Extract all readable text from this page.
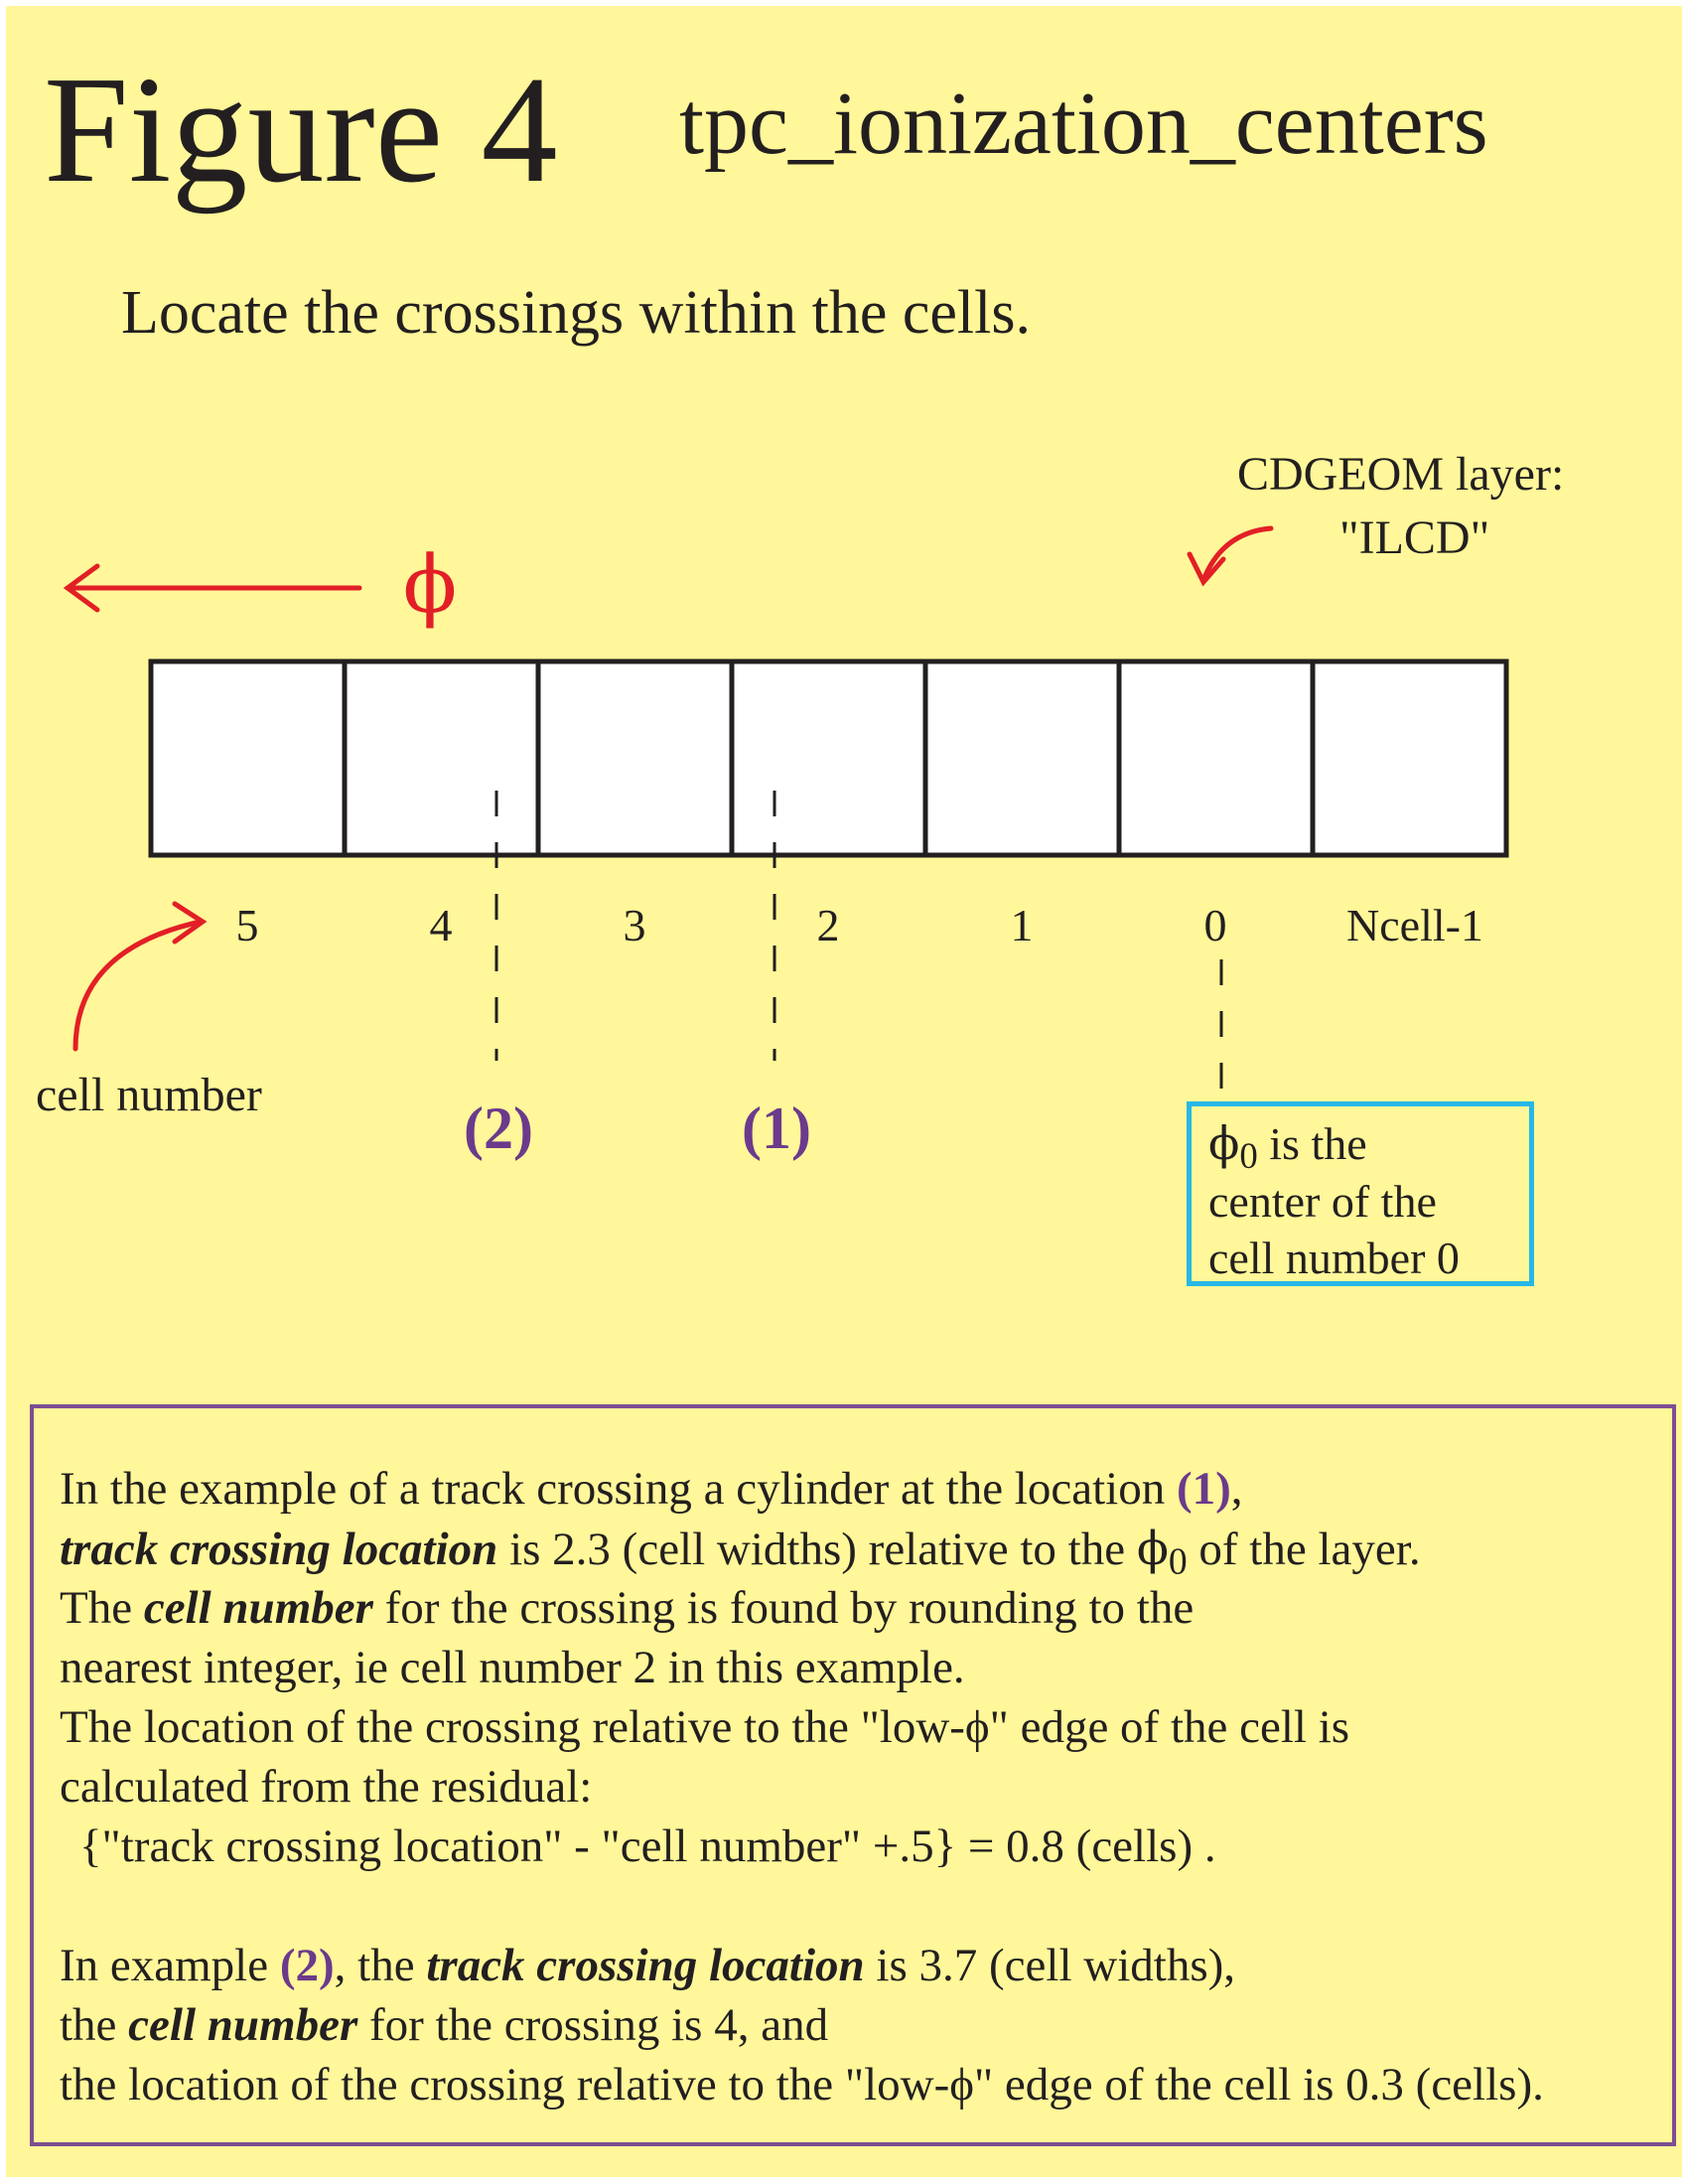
Figure 4 tpc_ionization_centers
Locate the crossings within the cells.
ϕ
CDGEOM layer:
"ILCD"
5	4	3	2	1	0	Ncell-1
cell number
(2)	(1)	$\phi_0$ is the
center of the
cell number 0
In the example of a track crossing a cylinder at the location (1),
track crossing location is 2.3 (cell widths) relative to the $\phi_0$ of the layer.
The cell number for the crossing is found by rounding to the
nearest integer, ie cell number 2 in this example.
The location of the crossing relative to the "low-ϕ" edge of the cell is
calculated from the residual:
{"track crossing location" - "cell number" +.5} = 0.8 (cells) .
In example (2), the track crossing location is 3.7 (cell widths),
the cell number for the crossing is 4, and
the location of the crossing relative to the "low-ϕ" edge of the cell is 0.3 (cells).
